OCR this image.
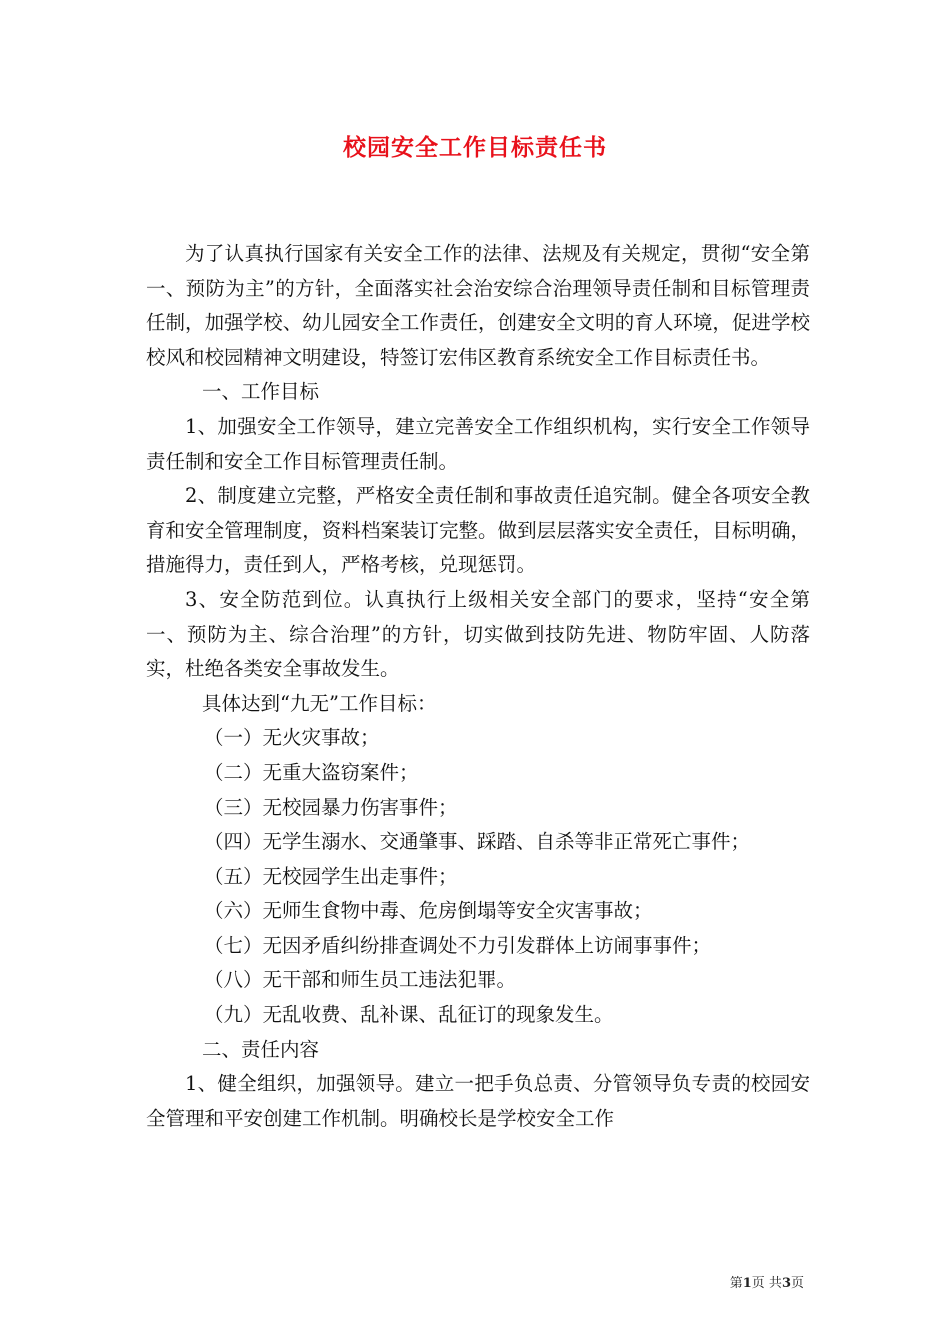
校园安全工作目标责任书

为了认真执行国家有关安全工作的法律、法规及有关规定，贯彻“安全第一、预防为主”的方针，全面落实社会治安综合治理领导责任制和目标管理责任制，加强学校、幼儿园安全工作责任，创建安全文明的育人环境，促进学校校风和校园精神文明建设，特签订宏伟区教育系统安全工作目标责任书。

一、工作目标

1、加强安全工作领导，建立完善安全工作组织机构，实行安全工作领导责任制和安全工作目标管理责任制。

2、制度建立完整，严格安全责任制和事故责任追究制。健全各项安全教育和安全管理制度，资料档案装订完整。做到层层落实安全责任，目标明确，措施得力，责任到人，严格考核，兑现惩罚。

3、安全防范到位。认真执行上级相关安全部门的要求，坚持“安全第一、预防为主、综合治理”的方针，切实做到技防先进、物防牢固、人防落实，杜绝各类安全事故发生。

具体达到“九无”工作目标：

（一）无火灾事故；

（二）无重大盗窃案件；

（三）无校园暴力伤害事件；

（四）无学生溺水、交通肇事、踩踏、自杀等非正常死亡事件；

（五）无校园学生出走事件；

（六）无师生食物中毒、危房倒塌等安全灾害事故；

（七）无因矛盾纠纷排查调处不力引发群体上访闹事事件；

（八）无干部和师生员工违法犯罪。

（九）无乱收费、乱补课、乱征订的现象发生。

二、责任内容

1、健全组织，加强领导。建立一把手负总责、分管领导负专责的校园安全管理和平安创建工作机制。明确校长是学校安全工作

第1页 共3页
